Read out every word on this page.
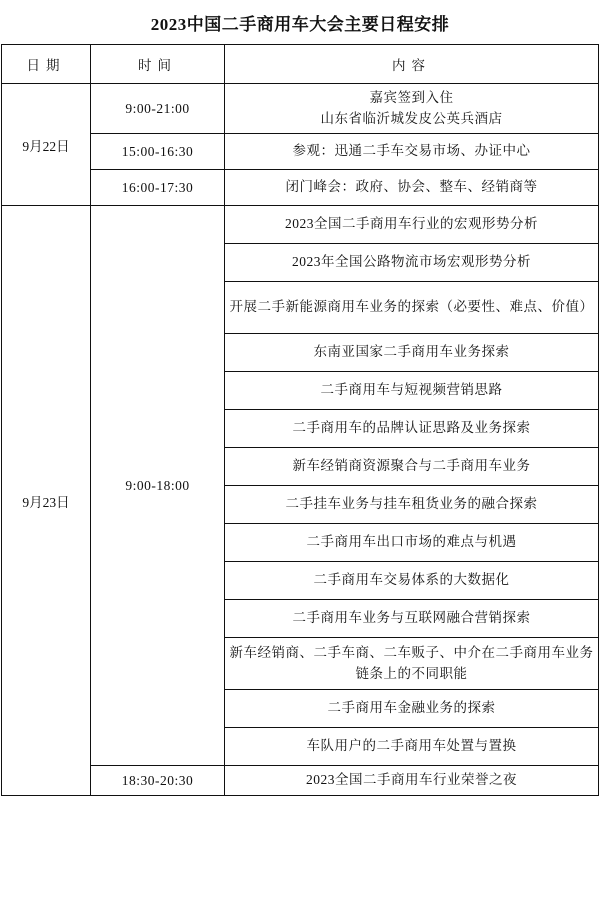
2023中国二手商用车大会主要日程安排
日期	时间	内容
9月22日	9:00-21:00	嘉宾签到入住
山东省临沂城发皮公英兵酒店

	15:00-16:30	参观：迅通二手车交易市场、办证中心
	16:00-17:30	闭门峰会：政府、协会、整车、经销商等
9月23日	9:00-18:00	2023全国二手商用车行业的宏观形势分析
		2023年全国公路物流市场宏观形势分析
		开展二手新能源商用车业务的探索（必要性、难点、价值）
		东南亚国家二手商用车业务探索
		二手商用车与短视频营销思路
		二手商用车的品牌认证思路及业务探索
		新车经销商资源聚合与二手商用车业务
		二手挂车业务与挂车租货业务的融合探索
		二手商用车出口市场的难点与机遇
		二手商用车交易体系的大数据化
		二手商用车业务与互联网融合营销探索
		新车经销商、二手车商、二车贩子、中介在二手商用车业务链条上的不同职能
		二手商用车金融业务的探索
		车队用户的二手商用车处置与置换
	18:30-20:30	2023全国二手商用车行业荣誉之夜
